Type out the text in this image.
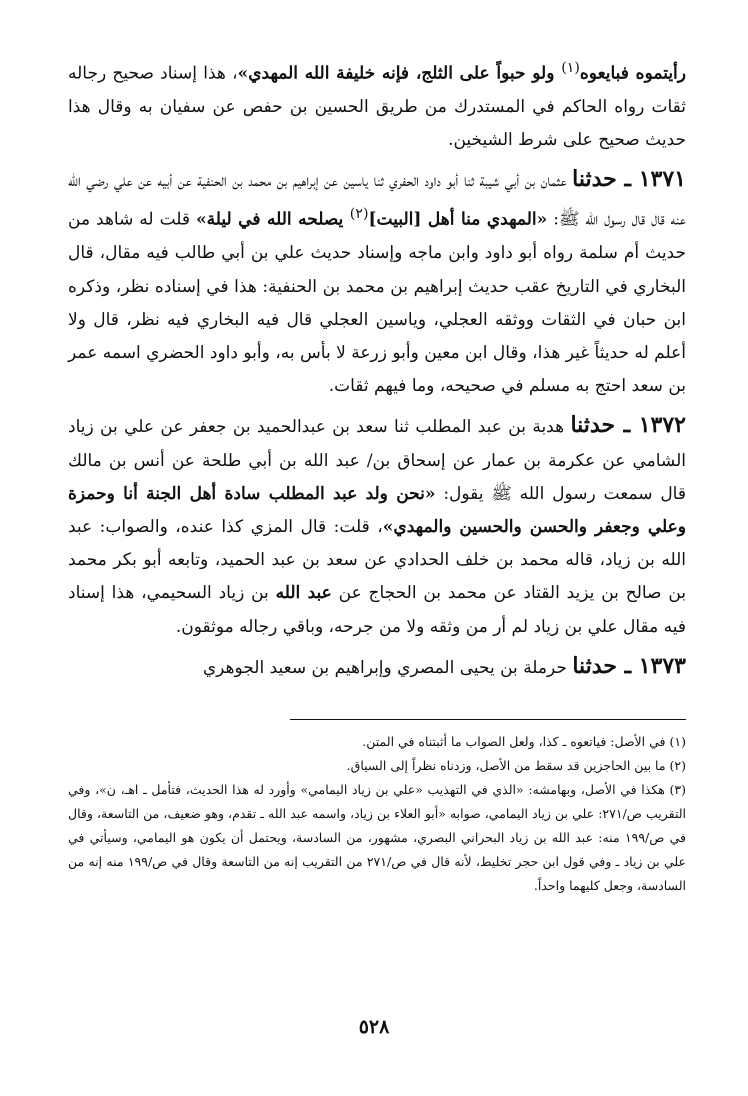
رأيتموه فبايعوه$^{(١)}$ ولو حبواً على الثلج، فإنه خليفة الله المهدي»، هذا إسناد صحيح رجاله ثقات رواه الحاكم في المستدرك من طريق الحسين بن حفص عن سفيان به وقال هذا حديث صحيح على شرط الشيخين.

١٣٧١ ـ حدثنا عثمان بن أبي شيبة ثنا أبو داود الحفري ثنا ياسين عن إبراهيم بن محمد بن الحنفية عن أبيه عن علي رضي الله عنه قال قال رسول الله ﷺ: «المهدي منا أهل [البيت]$^{(٢)}$ يصلحه الله في ليلة» قلت له شاهد من حديث أم سلمة رواه أبو داود وابن ماجه وإسناد حديث علي بن أبي طالب فيه مقال، قال البخاري في التاريخ عقب حديث إبراهيم بن محمد بن الحنفية: هذا في إسناده نظر، وذكره ابن حبان في الثقات ووثقه العجلي، وياسين العجلي قال فيه البخاري فيه نظر، قال ولا أعلم له حديثاً غير هذا، وقال ابن معين وأبو زرعة لا بأس به، وأبو داود الحضري اسمه عمر بن سعد احتج به مسلم في صحيحه، وما فيهم ثقات.

١٣٧٢ ـ حدثنا هدبة بن عبد المطلب ثنا سعد بن عبدالحميد بن جعفر عن علي بن زياد الشامي عن عكرمة بن عمار عن إسحاق بن/ عبد الله بن أبي طلحة عن أنس بن مالك قال سمعت رسول الله ﷺ يقول: «نحن ولد عبد المطلب سادة أهل الجنة أنا وحمزة وعلي وجعفر والحسن والحسين والمهدي»، قلت: قال المزي كذا عنده، والصواب: عبد الله بن زياد، قاله محمد بن خلف الحدادي عن سعد بن عبد الحميد، وتابعه أبو بكر محمد بن صالح بن يزيد القتاد عن محمد بن الحجاج عن عبد الله بن زياد السحيمي، هذا إسناد فيه مقال علي بن زياد لم أر من وثقه ولا من جرحه، وباقي رجاله موثقون.

١٣٧٣ ـ حدثنا حرملة بن يحيى المصري وإبراهيم بن سعيد الجوهري

(١) في الأصل: فياتعوه ـ كذا، ولعل الصواب ما أثبتناه في المتن.

(٢) ما بين الحاجزين قد سقط من الأصل، وزدناه نظراً إلى السياق.

(٣) هكذا في الأصل، وبهامشه: «الذي في التهذيب «علي بن زياد اليمامي» وأورد له هذا الحديث، فتأمل ـ اهـ، ن»، وفي التقريب ص/٢٧١: علي بن زياد اليمامي، صوابه «أبو العلاء بن زياد، واسمه عبد الله ـ تقدم، وهو ضعيف، من التاسعة، وقال في ص/١٩٩ منه: عبد الله بن زياد البحراني البصري، مشهور، من السادسة، ويحتمل أن يكون هو اليمامي، وسيأتي في علي بن زياد ـ وفي قول ابن حجر تخليط، لأنه قال في ص/٢٧١ من التقريب إنه من التاسعة وقال في ص/١٩٩ منه إنه من السادسة، وجعل كليهما واحداً.

٥٢٨
